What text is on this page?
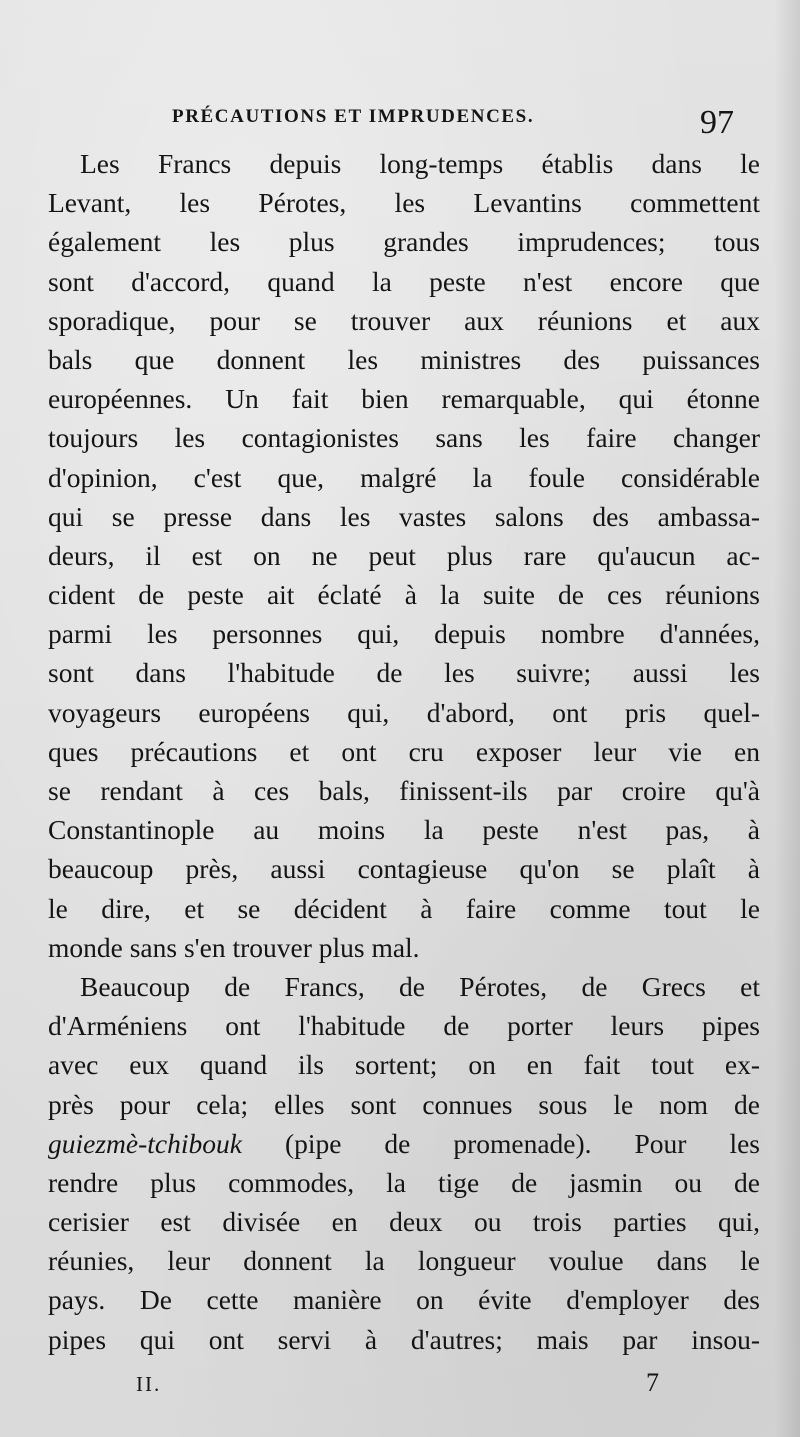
PRÉCAUTIONS ET IMPRUDENCES.	97
Les Francs depuis long-temps établis dans le
Levant, les Pérotes, les Levantins commettent
également les plus grandes imprudences; tous
sont d'accord, quand la peste n'est encore que
sporadique, pour se trouver aux réunions et aux
bals que donnent les ministres des puissances
européennes. Un fait bien remarquable, qui étonne
toujours les contagionistes sans les faire changer
d'opinion, c'est que, malgré la foule considérable
qui se presse dans les vastes salons des ambassa-
deurs, il est on ne peut plus rare qu'aucun ac-
cident de peste ait éclaté à la suite de ces réunions
parmi les personnes qui, depuis nombre d'années,
sont dans l'habitude de les suivre; aussi les
voyageurs européens qui, d'abord, ont pris quel-
ques précautions et ont cru exposer leur vie en
se rendant à ces bals, finissent-ils par croire qu'à
Constantinople au moins la peste n'est pas, à
beaucoup près, aussi contagieuse qu'on se plaît à
le dire, et se décident à faire comme tout le
monde sans s'en trouver plus mal.
Beaucoup de Francs, de Pérotes, de Grecs et
d'Arméniens ont l'habitude de porter leurs pipes
avec eux quand ils sortent; on en fait tout ex-
près pour cela; elles sont connues sous le nom de
guiezmè-tchibouk (pipe de promenade). Pour les
rendre plus commodes, la tige de jasmin ou de
cerisier est divisée en deux ou trois parties qui,
réunies, leur donnent la longueur voulue dans le
pays. De cette manière on évite d'employer des
pipes qui ont servi à d'autres; mais par insou-
II.	7
